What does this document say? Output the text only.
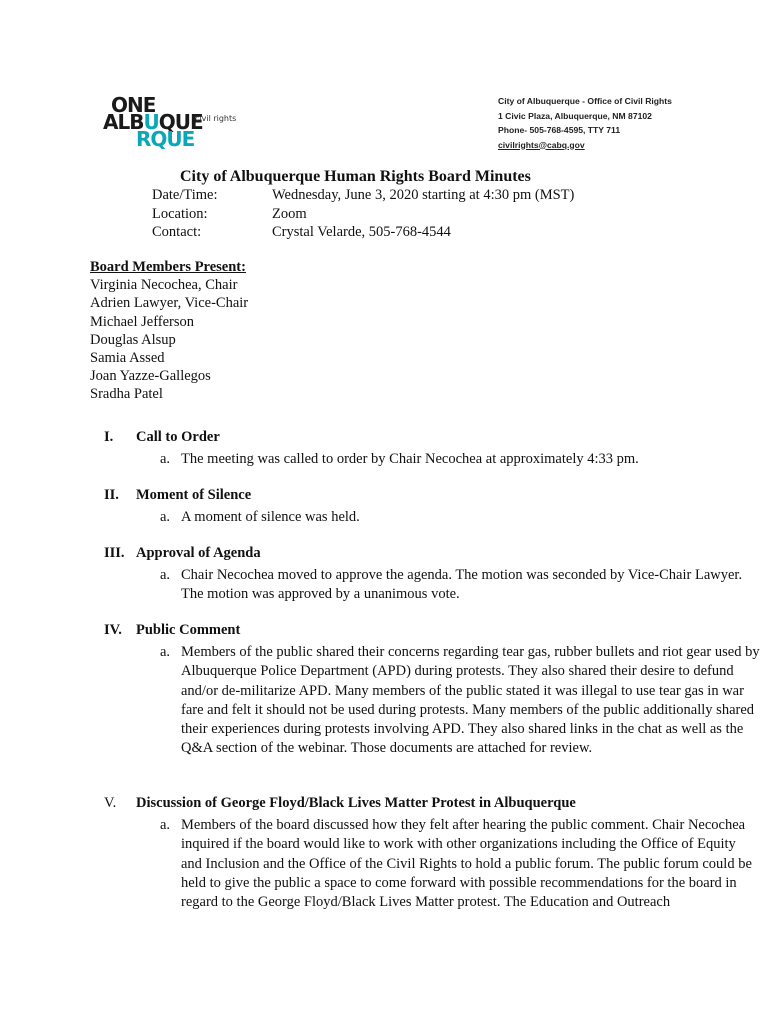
ONE
ALBUQUE
RQUE
civil rights
City of Albuquerque - Office of Civil Rights
1 Civic Plaza, Albuquerque, NM 87102
Phone- 505-768-4595, TTY 711
civilrights@cabq.gov
City of Albuquerque Human Rights Board Minutes
Date/Time:	Wednesday, June 3, 2020 starting at 4:30 pm (MST)
Location:	Zoom
Contact:	Crystal Velarde, 505-768-4544
Board Members Present:
Virginia Necochea, Chair
Adrien Lawyer, Vice-Chair
Michael Jefferson
Douglas Alsup
Samia Assed
Joan Yazze-Gallegos
Sradha Patel
I.	Call to Order
a. The meeting was called to order by Chair Necochea at approximately 4:33 pm.
II.	Moment of Silence
a. A moment of silence was held.
III. Approval of Agenda
a. Chair Necochea moved to approve the agenda. The motion was seconded by Vice-Chair Lawyer. The motion was approved by a unanimous vote.
IV. Public Comment
a. Members of the public shared their concerns regarding tear gas, rubber bullets and riot gear used by Albuquerque Police Department (APD) during protests. They also shared their desire to defund and/or de-militarize APD. Many members of the public stated it was illegal to use tear gas in war fare and felt it should not be used during protests. Many members of the public additionally shared their experiences during protests involving APD. They also shared links in the chat as well as the Q&A section of the webinar. Those documents are attached for review.
V.	Discussion of George Floyd/Black Lives Matter Protest in Albuquerque
a. Members of the board discussed how they felt after hearing the public comment. Chair Necochea inquired if the board would like to work with other organizations including the Office of Equity and Inclusion and the Office of the Civil Rights to hold a public forum. The public forum could be held to give the public a space to come forward with possible recommendations for the board in regard to the George Floyd/Black Lives Matter protest. The Education and Outreach
